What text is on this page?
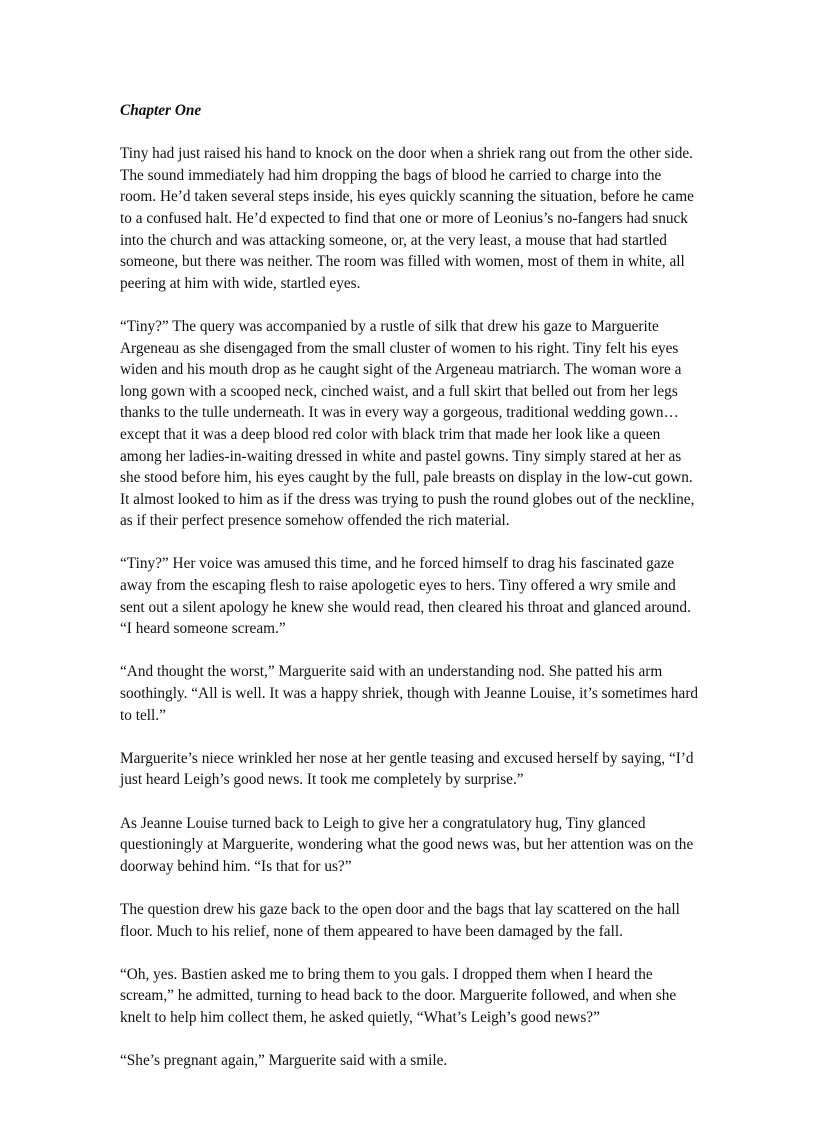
Chapter One

Tiny had just raised his hand to knock on the door when a shriek rang out from the other side. The sound immediately had him dropping the bags of blood he carried to charge into the room. He’d taken several steps inside, his eyes quickly scanning the situation, before he came to a confused halt. He’d expected to find that one or more of Leonius’s no-fangers had snuck into the church and was attacking someone, or, at the very least, a mouse that had startled someone, but there was neither. The room was filled with women, most of them in white, all peering at him with wide, startled eyes.

“Tiny?” The query was accompanied by a rustle of silk that drew his gaze to Marguerite Argeneau as she disengaged from the small cluster of women to his right. Tiny felt his eyes widen and his mouth drop as he caught sight of the Argeneau matriarch. The woman wore a long gown with a scooped neck, cinched waist, and a full skirt that belled out from her legs thanks to the tulle underneath. It was in every way a gorgeous, traditional wedding gown… except that it was a deep blood red color with black trim that made her look like a queen among her ladies-in-waiting dressed in white and pastel gowns. Tiny simply stared at her as she stood before him, his eyes caught by the full, pale breasts on display in the low-cut gown. It almost looked to him as if the dress was trying to push the round globes out of the neckline, as if their perfect presence somehow offended the rich material.

“Tiny?” Her voice was amused this time, and he forced himself to drag his fascinated gaze away from the escaping flesh to raise apologetic eyes to hers. Tiny offered a wry smile and sent out a silent apology he knew she would read, then cleared his throat and glanced around. “I heard someone scream.”

“And thought the worst,” Marguerite said with an understanding nod. She patted his arm soothingly. “All is well. It was a happy shriek, though with Jeanne Louise, it’s sometimes hard to tell.”

Marguerite’s niece wrinkled her nose at her gentle teasing and excused herself by saying, “I’d just heard Leigh’s good news. It took me completely by surprise.”

As Jeanne Louise turned back to Leigh to give her a congratulatory hug, Tiny glanced questioningly at Marguerite, wondering what the good news was, but her attention was on the doorway behind him. “Is that for us?”

The question drew his gaze back to the open door and the bags that lay scattered on the hall floor. Much to his relief, none of them appeared to have been damaged by the fall.

“Oh, yes. Bastien asked me to bring them to you gals. I dropped them when I heard the scream,” he admitted, turning to head back to the door. Marguerite followed, and when she knelt to help him collect them, he asked quietly, “What’s Leigh’s good news?”

“She’s pregnant again,” Marguerite said with a smile.
